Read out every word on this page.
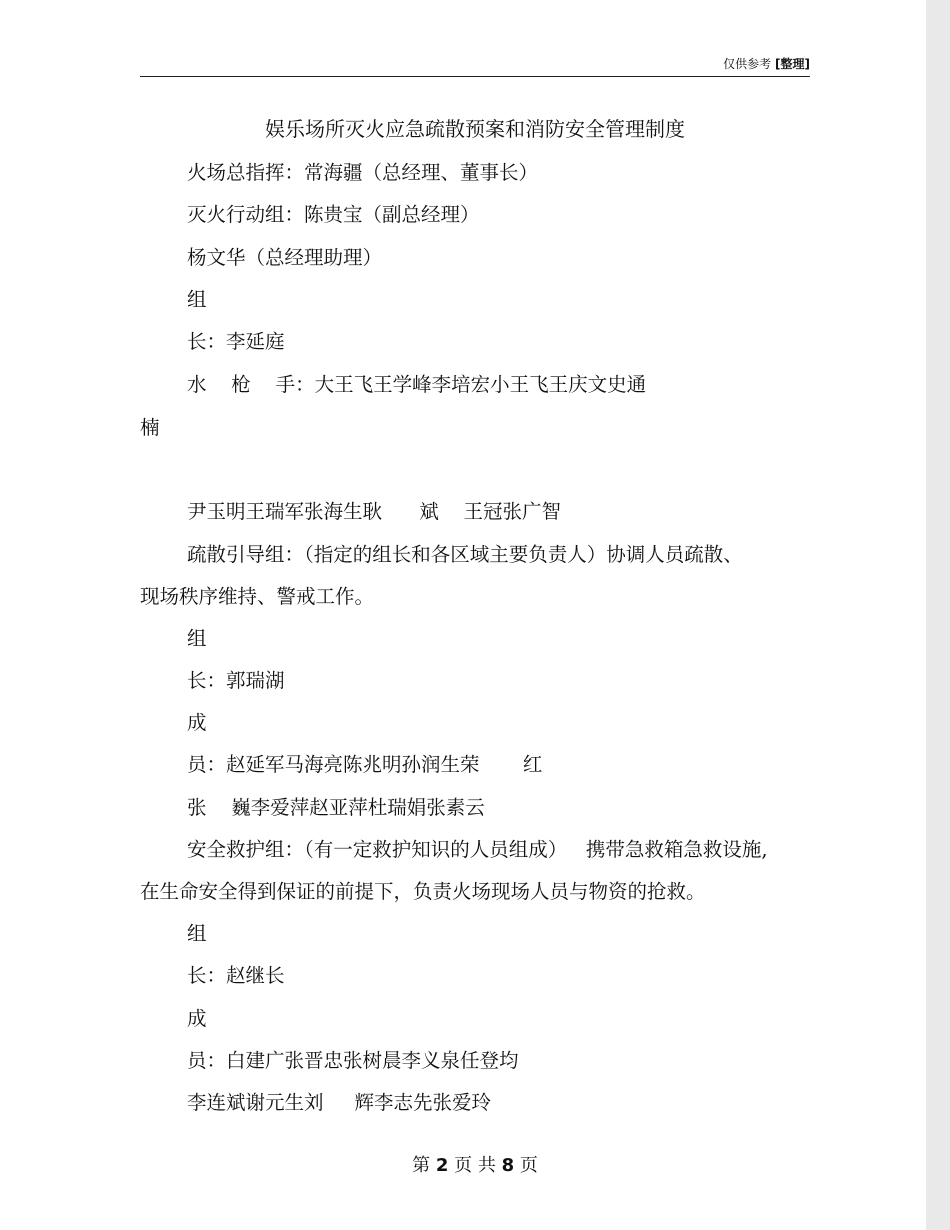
仅供参考 [整理]
娱乐场所灭火应急疏散预案和消防安全管理制度
火场总指挥：常海疆（总经理、董事长）
灭火行动组：陈贵宝（副总经理）
杨文华（总经理助理）
组
长：李延庭
水    枪    手：大王飞王学峰李培宏小王飞王庆文史通
楠
尹玉明王瑞军张海生耿      斌    王冠张广智
疏散引导组：（指定的组长和各区域主要负责人）协调人员疏散、
现场秩序维持、警戒工作。
组
长：郭瑞湖
成
员：赵延军马海亮陈兆明孙润生荣       红
张    巍李爱萍赵亚萍杜瑞娟张素云
安全救护组：（有一定救护知识的人员组成）   携带急救箱急救设施,
在生命安全得到保证的前提下，负责火场现场人员与物资的抢救。
组
长：赵继长
成
员：白建广张晋忠张树晨李义泉任登均
李连斌谢元生刘     辉李志先张爱玲
第 2 页 共 8 页
